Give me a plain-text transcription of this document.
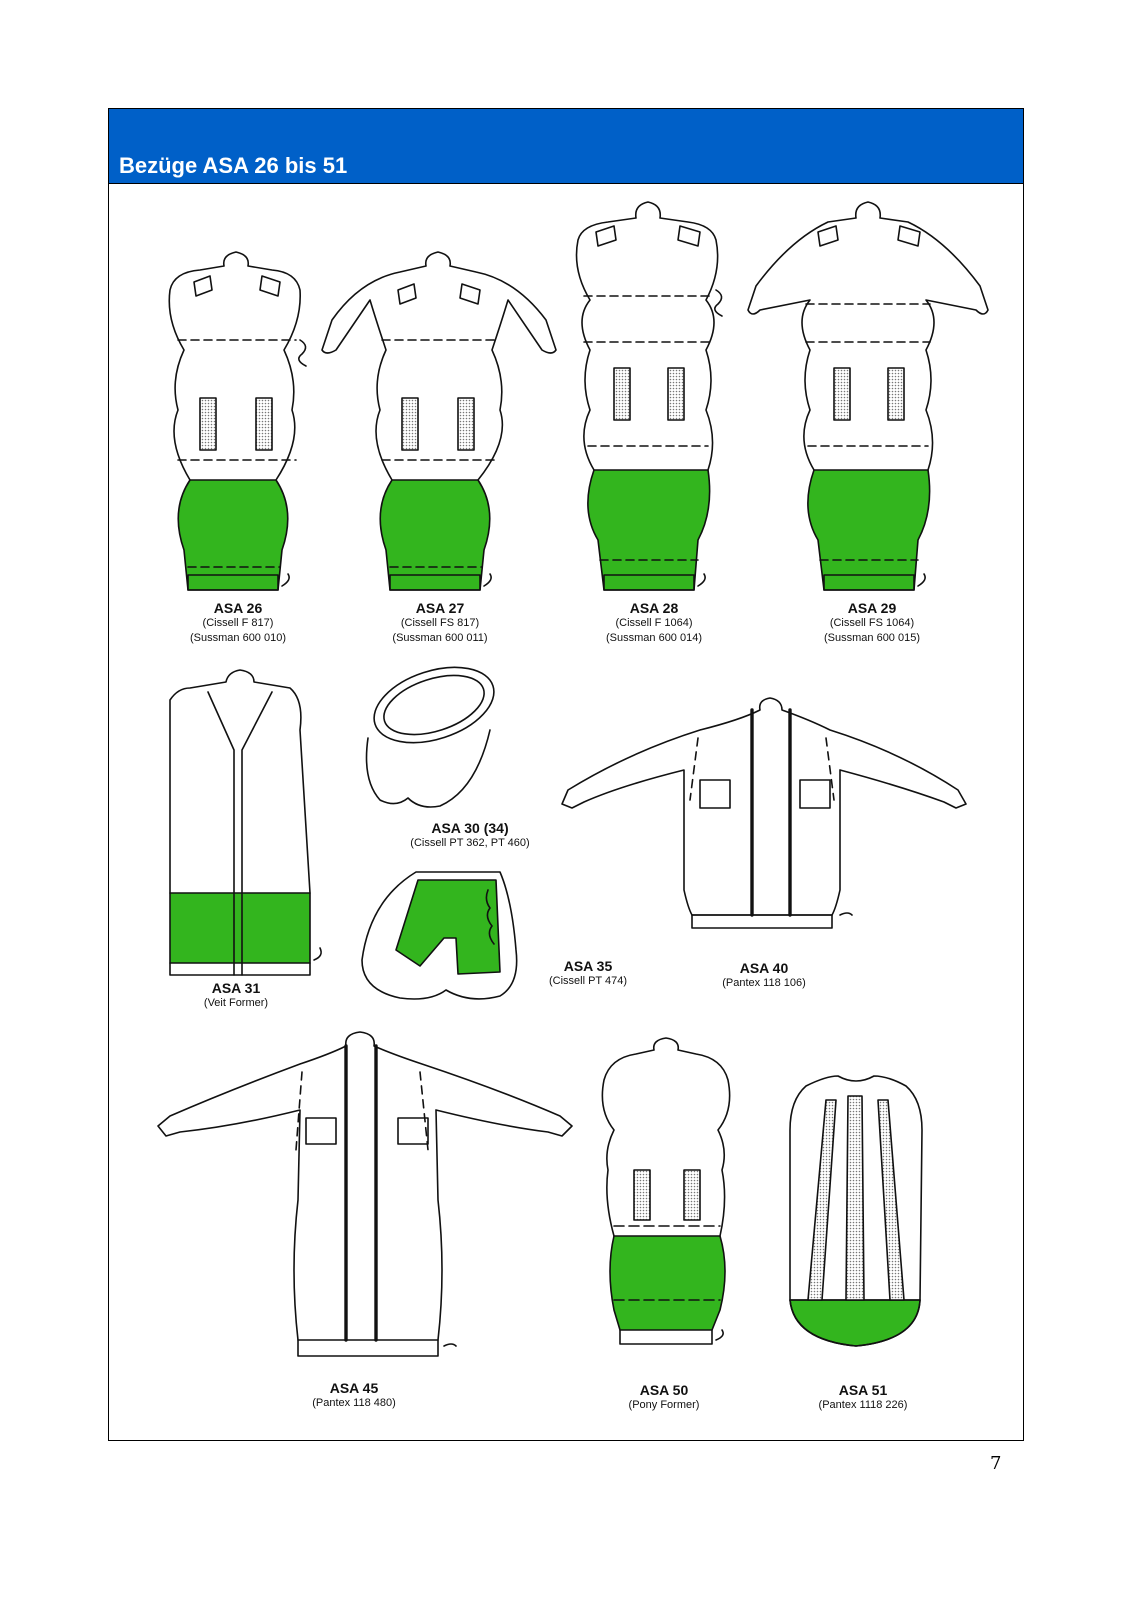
Bezüge ASA 26 bis 51
ASA 26
(Cissell F 817)
(Sussman 600 010)
ASA 27
(Cissell FS 817)
(Sussman 600 011)
ASA 28
(Cissell F 1064)
(Sussman 600 014)
ASA 29
(Cissell FS 1064)
(Sussman 600 015)
ASA 31
(Veit Former)
ASA 30 (34)
(Cissell PT 362, PT 460)
ASA 35
(Cissell PT 474)
ASA 40
(Pantex 118 106)
ASA 45
(Pantex 118 480)
ASA 50
(Pony Former)
ASA 51
(Pantex 1118 226)
7
